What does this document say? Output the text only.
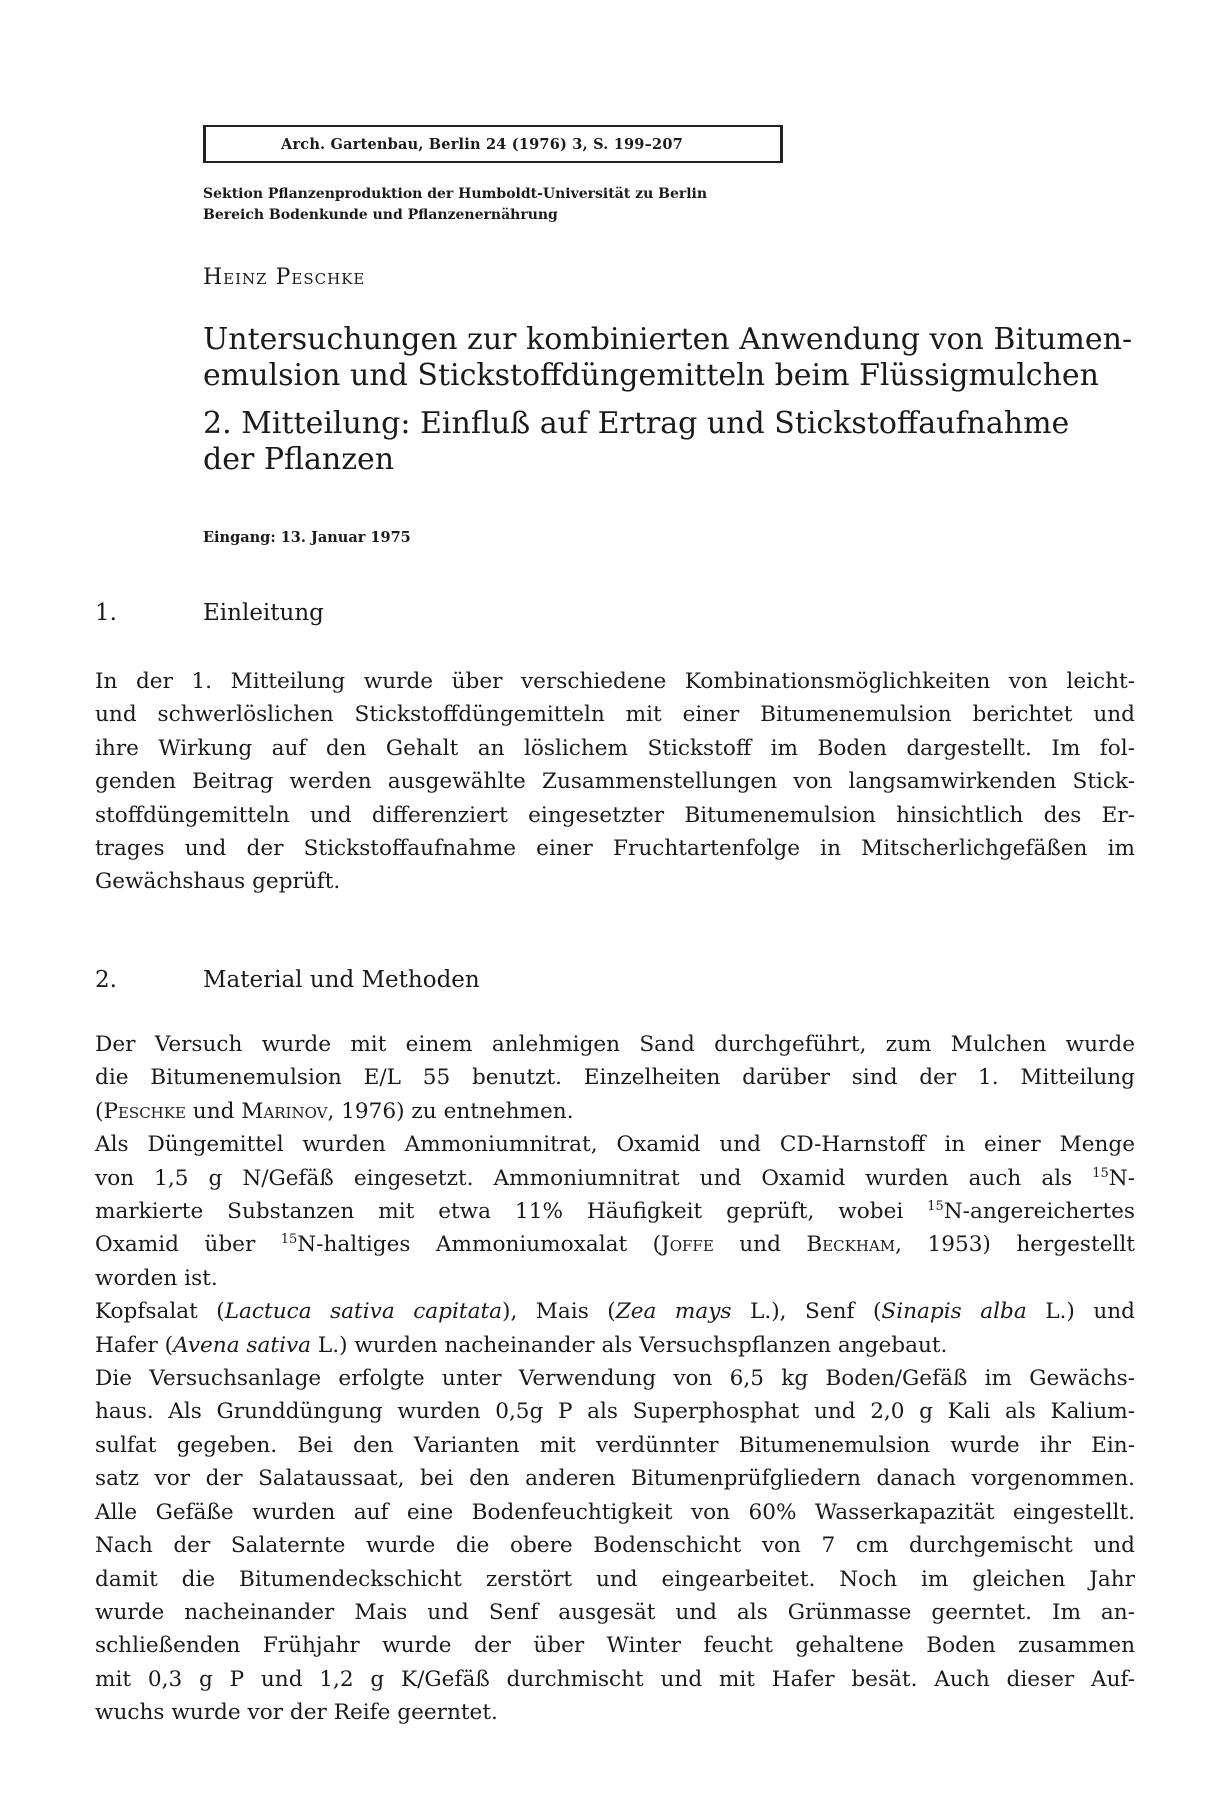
Arch. Gartenbau, Berlin 24 (1976) 3, S. 199–207
Sektion Pflanzenproduktion der Humboldt-Universität zu Berlin
Bereich Bodenkunde und Pflanzenernährung
Heinz Peschke
Untersuchungen zur kombinierten Anwendung von Bitumen-
emulsion und Stickstoffdüngemitteln beim Flüssigmulchen
2. Mitteilung: Einfluß auf Ertrag und Stickstoffaufnahme
der Pflanzen
Eingang: 13. Januar 1975
1.	Einleitung
In der 1. Mitteilung wurde über verschiedene Kombinationsmöglichkeiten von leicht-
und schwerlöslichen Stickstoffdüngemitteln mit einer Bitumenemulsion berichtet und
ihre Wirkung auf den Gehalt an löslichem Stickstoff im Boden dargestellt. Im fol-
genden Beitrag werden ausgewählte Zusammenstellungen von langsamwirkenden Stick-
stoffdüngemitteln und differenziert eingesetzter Bitumenemulsion hinsichtlich des Er-
trages und der Stickstoffaufnahme einer Fruchtartenfolge in Mitscherlichgefäßen im
Gewächshaus geprüft.
2.	Material und Methoden
Der Versuch wurde mit einem anlehmigen Sand durchgeführt, zum Mulchen wurde
die Bitumenemulsion E/L 55 benutzt. Einzelheiten darüber sind der 1. Mitteilung
(Peschke und Marinov, 1976) zu entnehmen.
Als Düngemittel wurden Ammoniumnitrat, Oxamid und CD-Harnstoff in einer Menge
von 1,5 g N/Gefäß eingesetzt. Ammoniumnitrat und Oxamid wurden auch als $^{15}$N-
markierte Substanzen mit etwa 11% Häufigkeit geprüft, wobei $^{15}$N-angereichertes
Oxamid über $^{15}$N-haltiges Ammoniumoxalat (Joffe und Beckham, 1953) hergestellt
worden ist.
Kopfsalat (Lactuca sativa capitata), Mais (Zea mays L.), Senf (Sinapis alba L.) und
Hafer (Avena sativa L.) wurden nacheinander als Versuchspflanzen angebaut.
Die Versuchsanlage erfolgte unter Verwendung von 6,5 kg Boden/Gefäß im Gewächs-
haus. Als Grunddüngung wurden 0,5g P als Superphosphat und 2,0 g Kali als Kalium-
sulfat gegeben. Bei den Varianten mit verdünnter Bitumenemulsion wurde ihr Ein-
satz vor der Salataussaat, bei den anderen Bitumenprüfgliedern danach vorgenommen.
Alle Gefäße wurden auf eine Bodenfeuchtigkeit von 60% Wasserkapazität eingestellt.
Nach der Salaternte wurde die obere Bodenschicht von 7 cm durchgemischt und
damit die Bitumendeckschicht zerstört und eingearbeitet. Noch im gleichen Jahr
wurde nacheinander Mais und Senf ausgesät und als Grünmasse geerntet. Im an-
schließenden Frühjahr wurde der über Winter feucht gehaltene Boden zusammen
mit 0,3 g P und 1,2 g K/Gefäß durchmischt und mit Hafer besät. Auch dieser Auf-
wuchs wurde vor der Reife geerntet.
